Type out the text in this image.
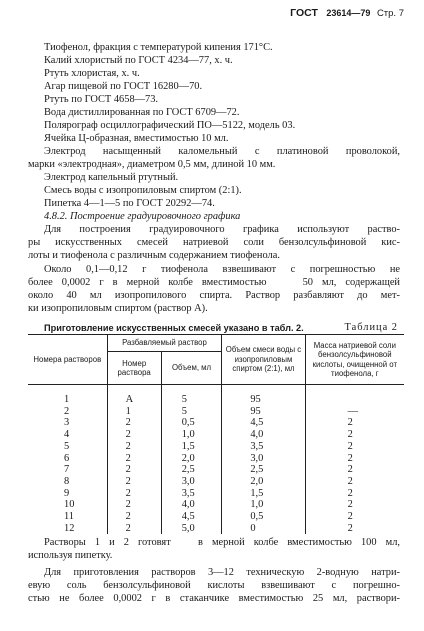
ГОСТ 23614—79 Стр. 7
Тиофенол, фракция с температурой кипения 171°С.
Калий хлористый по ГОСТ 4234—77, х. ч.
Ртуть хлористая, х. ч.
Агар пищевой по ГОСТ 16280—70.
Ртуть по ГОСТ 4658—73.
Вода дистиллированная по ГОСТ 6709—72.
Полярограф осциллографический ПО—5122, модель 03.
Ячейка Ц-образная, вместимостью 10 мл.
Электрод насыщенный каломельный с платиновой проволокой,
марки «электродная», диаметром 0,5 мм, длиной 10 мм.
Электрод капельный ртутный.
Смесь воды с изопропиловым спиртом (2:1).
Пипетка 4—1—5 по ГОСТ 20292—74.
4.8.2. Построение градуировочного графика
Для построения градуировочного графика используют раство-
ры искусственных смесей натриевой соли бензолсульфиновой кис-
лоты и тиофенола с различным содержанием тиофенола.
Около 0,1—0,12 г тиофенола взвешивают с погрешностью не
более 0,0002 г в мерной колбе вместимостью    50 мл, содержащей
около 40 мл изопропилового спирта. Раствор разбавляют до мет-
ки изопропиловым спиртом (раствор А).
Приготовление искусственных смесей указано в табл. 2.	Таблица 2
Номера растворов	Разбавляемый раствор		Объем смеси воды с изопропиловым спиртом (2:1), мл	Масса натриевой соли бензолсульфиновой кислоты, очищенной от тиофенола, г
	Номер раствора	Объем, мл		
1	А	5	95	
2	1	5	95	—
3	2	0,5	4,5	2
4	2	1,0	4,0	2
5	2	1,5	3,5	2
6	2	2,0	3,0	2
7	2	2,5	2,5	2
8	2	3,0	2,0	2
9	2	3,5	1,5	2
10	2	4,0	1,0	2
11	2	4,5	0,5	2
12	2	5,0	0	2
Растворы 1 и 2 готовят   в мерной колбе вместимостью 100 мл,
используя пипетку.
Для приготовления растворов 3—12 техническую 2-водную натри-
евую соль бензолсульфиновой кислоты взвешивают с погрешно-
стью не более 0,0002 г в стаканчике вместимостью 25 мл, раствори-
